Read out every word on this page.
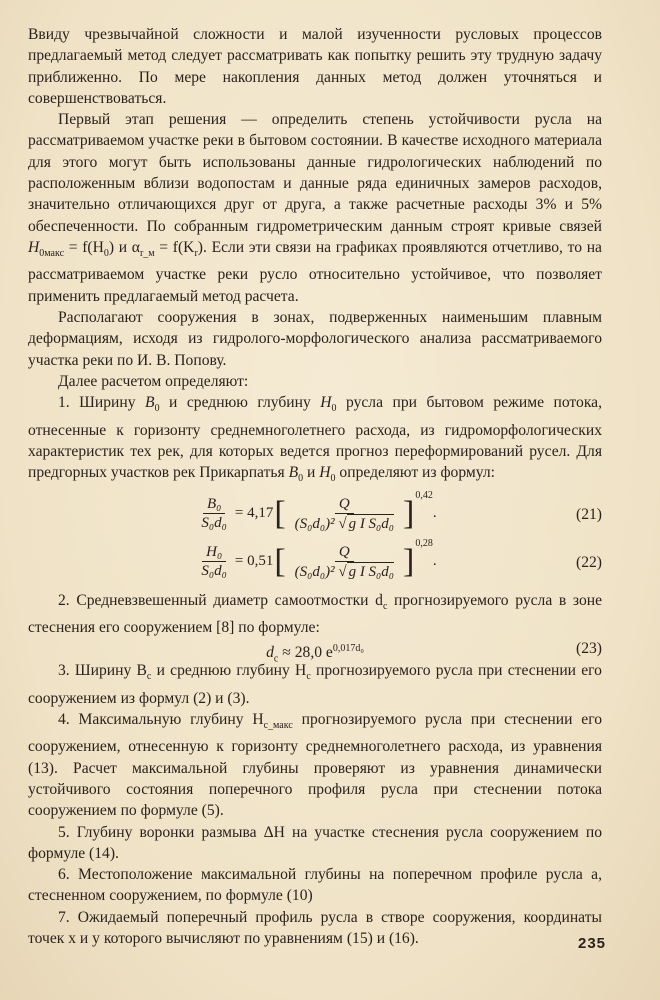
Ввиду чрезвычайной сложности и малой изученности русловых процессов предлагаемый метод следует рассматривать как попытку решить эту трудную задачу приближенно. По мере накопления данных метод должен уточняться и совершенствоваться.

Первый этап решения — определить степень устойчивости русла на рассматриваемом участке реки в бытовом состоянии. В качестве исходного материала для этого могут быть использованы данные гидрологических наблюдений по расположенным вблизи водопостам и данные ряда единичных замеров расходов, значительно отличающихся друг от друга, а также расчетные расходы 3% и 5% обеспеченности. По собранным гидрометрическим данным строят кривые связей $H_{0макс} = f(H_0)$ и $\alpha_{r\_м} = f(K_r)$. Если эти связи на графиках проявляются отчетливо, то на рассматриваемом участке реки русло относительно устойчивое, что позволяет применить предлагаемый метод расчета.

Располагают сооружения в зонах, подверженных наименьшим плавным деформациям, исходя из гидролого-морфологического анализа рассматриваемого участка реки по И. В. Попову.

Далее расчетом определяют:

1. Ширину $B_0$ и среднюю глубину $H_0$ русла при бытовом режиме потока, отнесенные к горизонту среднемноголетнего расхода, из гидроморфологических характеристик тех рек, для которых ведется прогноз переформирований русел. Для предгорных участков рек Прикарпатья $B_0$ и $H_0$ определяют из формул:

$\frac{\text{B₀}}{\text{S₀d₀}} = 4,17$ [ $\frac{Q}{\text{(S₀d₀)² √ g I S₀d₀}}$ ] 0,42
.	(21)
$\frac{\text{H₀}}{\text{S₀d₀}} = 0,51$ [ $\frac{Q}{\text{(S₀d₀)² √ g I S₀d₀}}$ ] 0,28
.	(22)

2. Средневзвешенный диаметр самоотмостки $d_c$ прогнозируемого русла в зоне стеснения его сооружением [8] по формуле:

$d_c \approx 28,0$ $e^{0,017d_0}$	(23)

3. Ширину $B_c$ и среднюю глубину $H_c$ прогнозируемого русла при стеснении его сооружением из формул (2) и (3).

4. Максимальную глубину $H_{c\_макс}$ прогнозируемого русла при стеснении его сооружением, отнесенную к горизонту среднемноголетнего расхода, из уравнения (13). Расчет максимальной глубины проверяют из уравнения динамически устойчивого состояния поперечного профиля русла при стеснении потока сооружением по формуле (5).

5. Глубину воронки размыва ΔH на участке стеснения русла сооружением по формуле (14).

6. Местоположение максимальной глубины на поперечном профиле русла a, стесненном сооружением, по формуле (10)

7. Ожидаемый поперечный профиль русла в створе сооружения, координаты точек x и y которого вычисляют по уравнениям (15) и (16).	235
